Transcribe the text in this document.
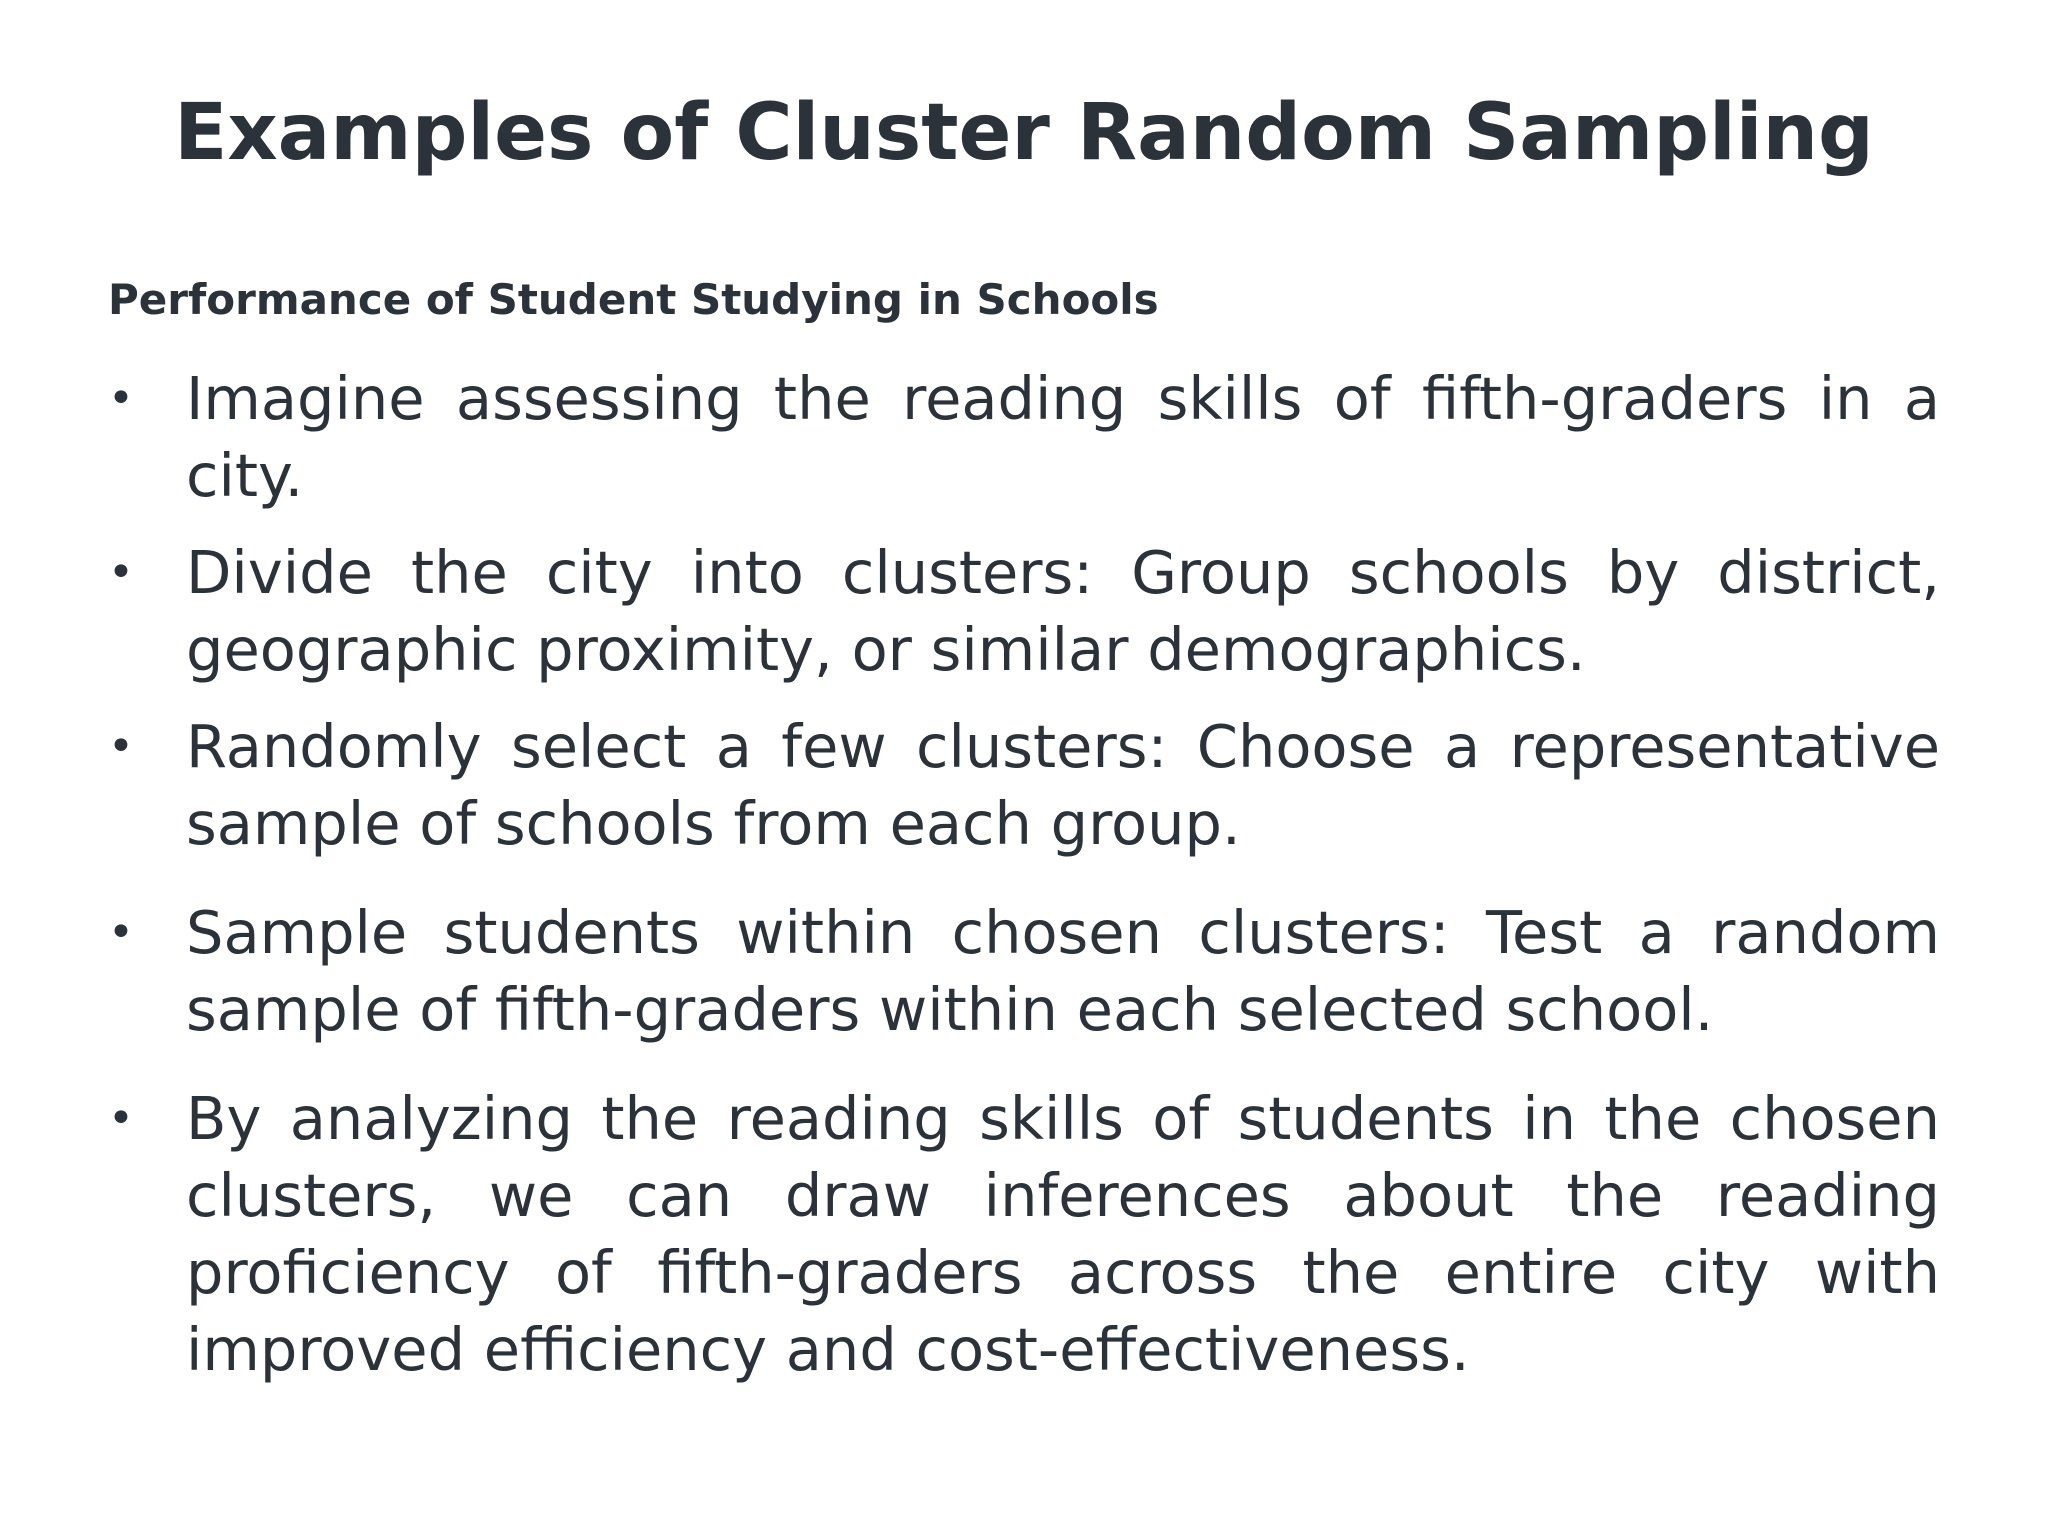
Examples of Cluster Random Sampling
Performance of Student Studying in Schools
• Imagine assessing the reading skills of fifth-graders in a city.
• Divide the city into clusters: Group schools by district, geographic proximity, or similar demographics.
• Randomly select a few clusters: Choose a representative sample of schools from each group.
• Sample students within chosen clusters: Test a random sample of fifth-graders within each selected school.
• By analyzing the reading skills of students in the chosen clusters, we can draw inferences about the reading proficiency of fifth-graders across the entire city with improved efficiency and cost-effectiveness.
